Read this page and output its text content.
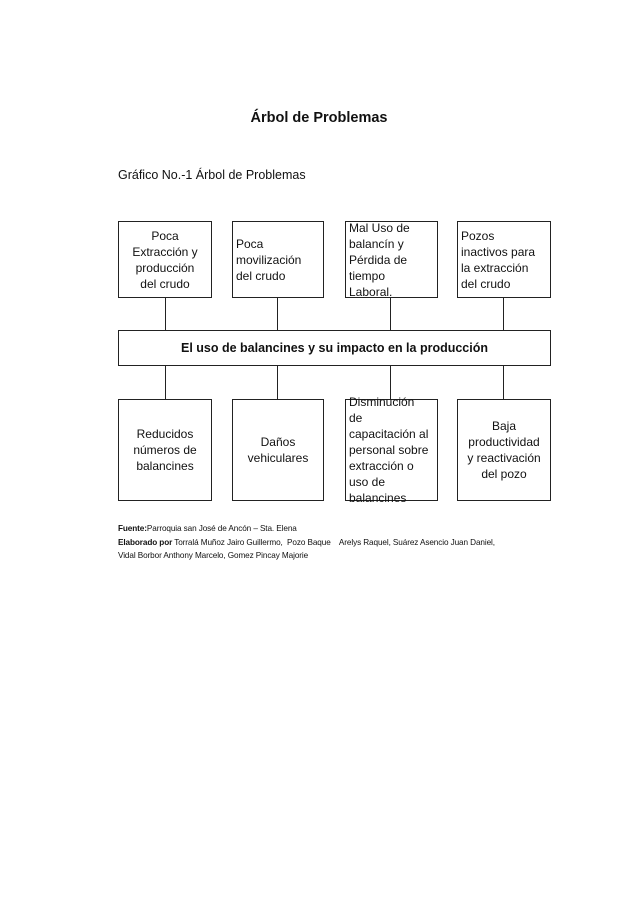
Árbol de Problemas
Gráfico No.-1 Árbol de Problemas
Poca
Extracción y
producción
del crudo
Poca
movilización
del crudo
Mal Uso de
balancín y
Pérdida de
tiempo
Laboral.
Pozos
inactivos para
la extracción
del crudo
El uso de balancines y su impacto en la producción
Reducidos
números de
balancines
Daños
vehiculares
Disminución
de
capacitación al
personal sobre
extracción o
uso de
balancines
Baja
productividad
y reactivación
del pozo
Fuente:Parroquia san José de Ancón – Sta. Elena
Elaborado por Torralá Muñoz Jairo Guillermo,  Pozo Baque    Arelys Raquel, Suárez Asencio Juan Daniel,
Vidal Borbor Anthony Marcelo, Gomez Pincay Majorie
